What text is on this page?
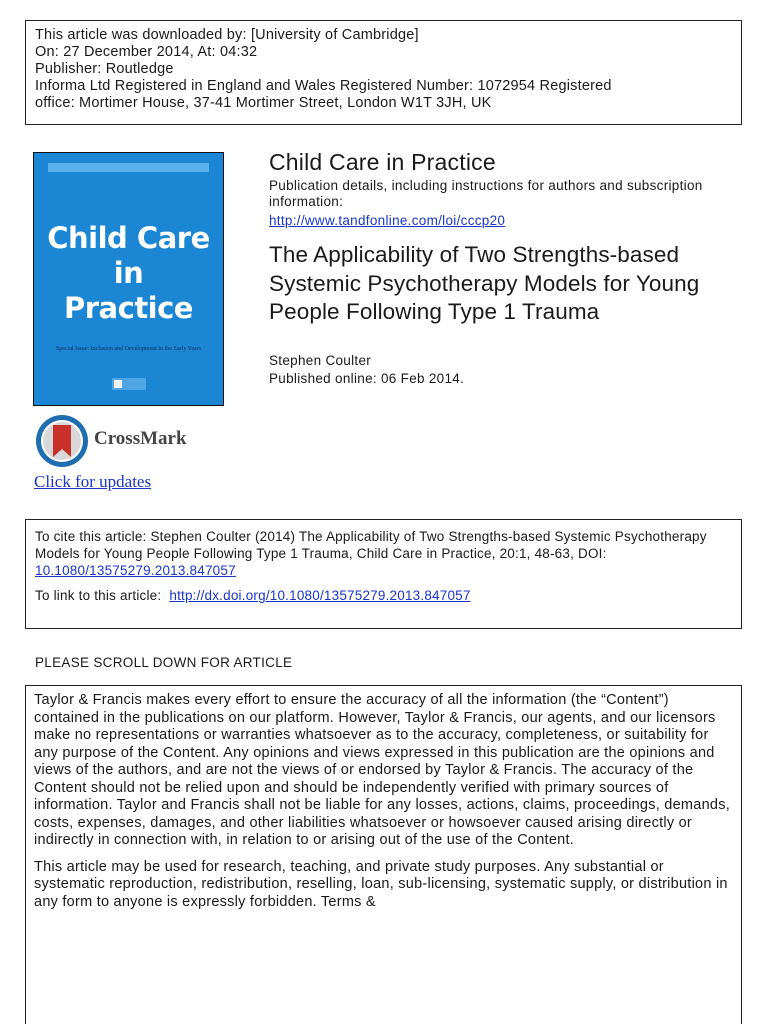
This article was downloaded by: [University of Cambridge]
On: 27 December 2014, At: 04:32
Publisher: Routledge
Informa Ltd Registered in England and Wales Registered Number: 1072954 Registered
office: Mortimer House, 37-41 Mortimer Street, London W1T 3JH, UK
Child Care
in
Practice
Special Issue: Inclusion and Development in the Early Years
CrossMark
Click for updates
Child Care in Practice
Publication details, including instructions for authors and subscription information:
http://www.tandfonline.com/loi/cccp20
The Applicability of Two Strengths-based Systemic Psychotherapy Models for Young People Following Type 1 Trauma
Stephen Coulter
Published online: 06 Feb 2014.
To cite this article: Stephen Coulter (2014) The Applicability of Two Strengths-based Systemic Psychotherapy Models for Young People Following Type 1 Trauma, Child Care in Practice, 20:1, 48-63, DOI: 10.1080/13575279.2013.847057
To link to this article: http://dx.doi.org/10.1080/13575279.2013.847057
PLEASE SCROLL DOWN FOR ARTICLE

Taylor & Francis makes every effort to ensure the accuracy of all the information (the “Content”) contained in the publications on our platform. However, Taylor & Francis, our agents, and our licensors make no representations or warranties whatsoever as to the accuracy, completeness, or suitability for any purpose of the Content. Any opinions and views expressed in this publication are the opinions and views of the authors, and are not the views of or endorsed by Taylor & Francis. The accuracy of the Content should not be relied upon and should be independently verified with primary sources of information. Taylor and Francis shall not be liable for any losses, actions, claims, proceedings, demands, costs, expenses, damages, and other liabilities whatsoever or howsoever caused arising directly or indirectly in connection with, in relation to or arising out of the use of the Content.

This article may be used for research, teaching, and private study purposes. Any substantial or systematic reproduction, redistribution, reselling, loan, sub-licensing, systematic supply, or distribution in any form to anyone is expressly forbidden. Terms &
